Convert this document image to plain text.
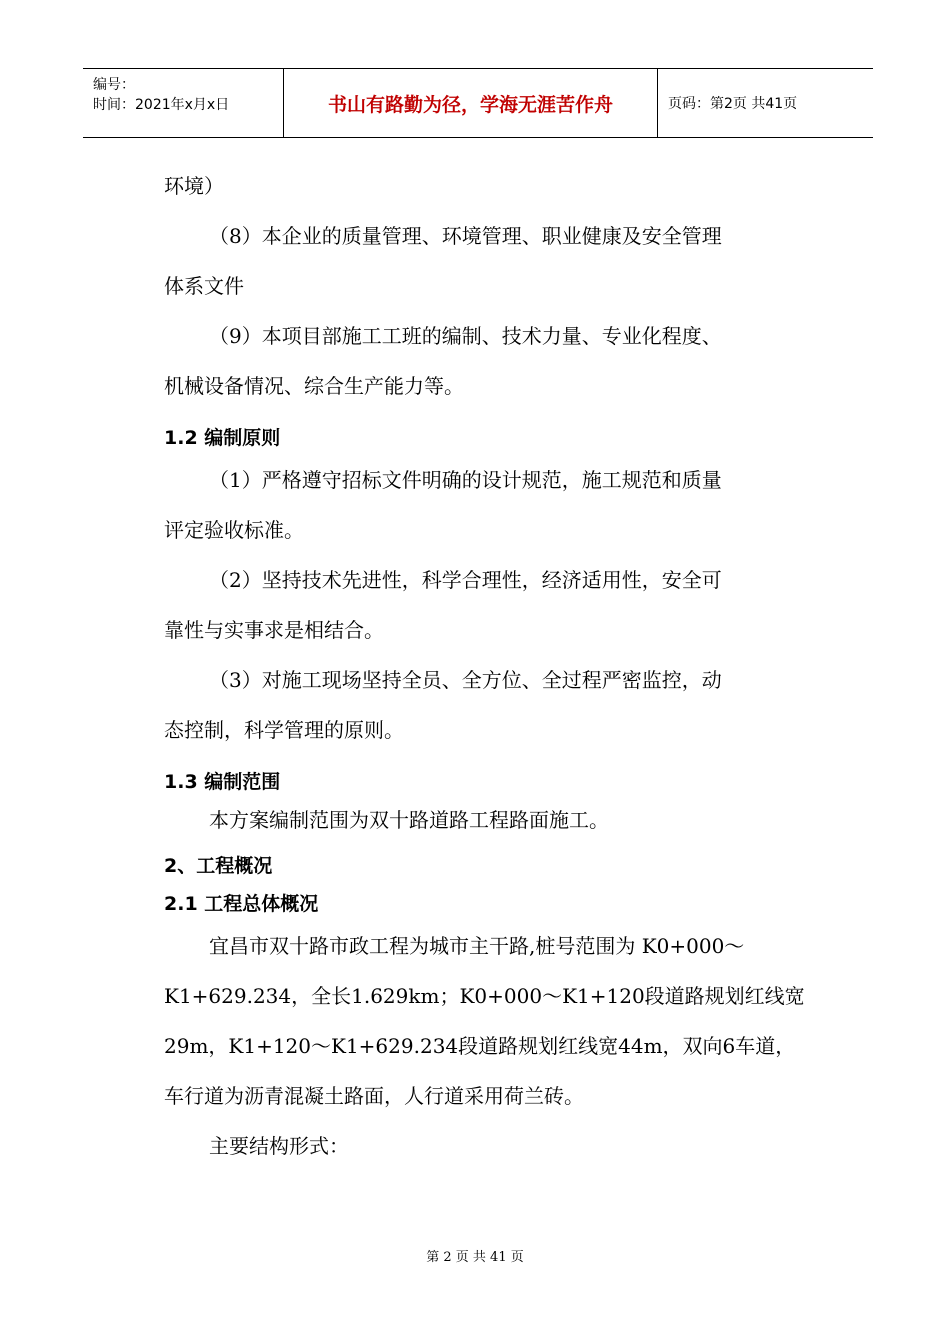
编号：
时间：2021年x月x日	书山有路勤为径，学海无涯苦作舟	页码：第2页 共41页
环境）
（8）本企业的质量管理、环境管理、职业健康及安全管理
体系文件
（9）本项目部施工工班的编制、技术力量、专业化程度、
机械设备情况、综合生产能力等。
1.2 编制原则
（1）严格遵守招标文件明确的设计规范，施工规范和质量
评定验收标准。
（2）坚持技术先进性，科学合理性，经济适用性，安全可
靠性与实事求是相结合。
（3）对施工现场坚持全员、全方位、全过程严密监控，动
态控制，科学管理的原则。
1.3 编制范围
本方案编制范围为双十路道路工程路面施工。
2、工程概况
2.1 工程总体概况
宜昌市双十路市政工程为城市主干路,桩号范围为 K0+000～
K1+629.234，全长1.629km；K0+000～K1+120段道路规划红线宽
29m，K1+120～K1+629.234段道路规划红线宽44m，双向6车道，
车行道为沥青混凝土路面，人行道采用荷兰砖。
主要结构形式：
第 2 页 共 41 页
